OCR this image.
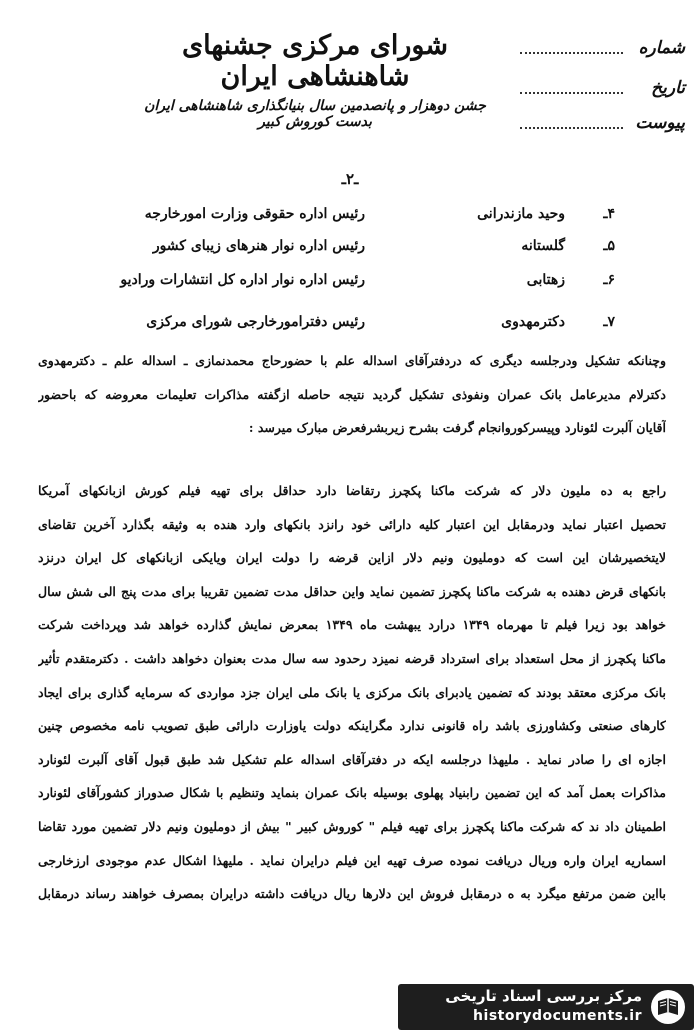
شورای مرکزی جشنهای شاهنشاهی ایران
جشن دوهزار و پانصدمین سال بنیانگذاری شاهنشاهی ایران بدست کوروش کبیر
شماره
تاریخ
پیوست
ـ۲ـ
۴ـ
وحید مازندرانی
رئیس اداره حقوقی وزارت امورخارجه
۵ـ
گلستانه
رئیس اداره نوار هنرهای زیبای کشور
۶ـ
زهتابی
رئیس اداره نوار اداره کل انتشارات ورادیو
۷ـ
دکترمهدوی
رئیس دفترامورخارجی شورای مرکزی
وچنانکه تشکیل ودرجلسه دیگری که دردفترآقای اسداله علم با حضورحاج محمدنمازی ـ اسداله علم ـ دکترمهدوی
دکترلام مدیرعامل بانک عمران ونفوذی تشکیل گردید نتیجه حاصله ازگفته مذاکرات تعلیمات معروضه که باحضور
آقایان آلبرت لئونارد وپیسرکوروانجام گرفت بشرح زیربشرفعرض مبارک میرسد :
راجع به ده مليون دلار كه شركت ماكنا پكچرز رتقاضا دارد حداقل براى تهيه فيلم كورش ازبانكهاى آمريكا
تحصيل اعتبار نمايد ودرمقابل اين اعتبار كليه دارائى خود رانزد بانكهاى وارد هنده به وثيقه بگذارد آخرين تقاضاى
لايتخصيرشان اين است كه دوملیون ونیم دلار ازاین قرضه را دولت ایران ویایکی ازبانکهای کل ایران درنزد
بانکهای قرض دهنده به شرکت ماکنا پکچرز تضمین نماید واین حداقل مدت تضمین تقریبا برای مدت پنج الی شش سال
خواهد بود زیرا فیلم تا مهرماه ۱۳۴۹ درارد یبهشت ماه ۱۳۴۹ بمعرض نمایش گذارده خواهد شد وپرداخت شرکت
ماکنا پکچرز از محل استعداد برای استرداد قرضه نمیزد رحدود سه سال مدت بعنوان دخواهد داشت . دکترمتقدم تأثیر
بانک مرکزی معتقد بودند که تضمین یادبرای بانک مرکزی یا بانک ملی ایران جزد مواردی که سرمایه گذاری برای ایجاد
کارهای صنعتی وکشاورزی باشد راه قانونی ندارد مگراینکه دولت یاوزارت دارائی طبق تصویب نامه مخصوص چنین
اجازه ای را صادر نماید . ملیهذا درجلسه ایکه در دفترآقای اسداله علم تشکیل شد طبق قبول آقای آلبرت لئونارد
مذاکرات بعمل آمد که این تضمین رابنیاد پهلوی بوسیله بانک عمران بنماید وتنظیم با شکال صدوراز کشورآقای لئونارد
اطمینان داد ند که شرکت ماکنا پکچرز برای تهیه فیلم " کوروش کبیر " بیش از دوملیون ونیم دلار تضمین مورد تقاضا
اسماریه ایران واره وریال دریافت نموده صرف تهیه این فیلم درایران نماید . ملیهذا اشکال عدم موجودی ارزخارجی
بااین ضمن مرتفع میگرد به ه درمقابل فروش این دلارها ریال دریافت داشته درایران بمصرف خواهند رساند درمقابل
مرکز بررسی اسناد تاریخی
historydocuments.ir
